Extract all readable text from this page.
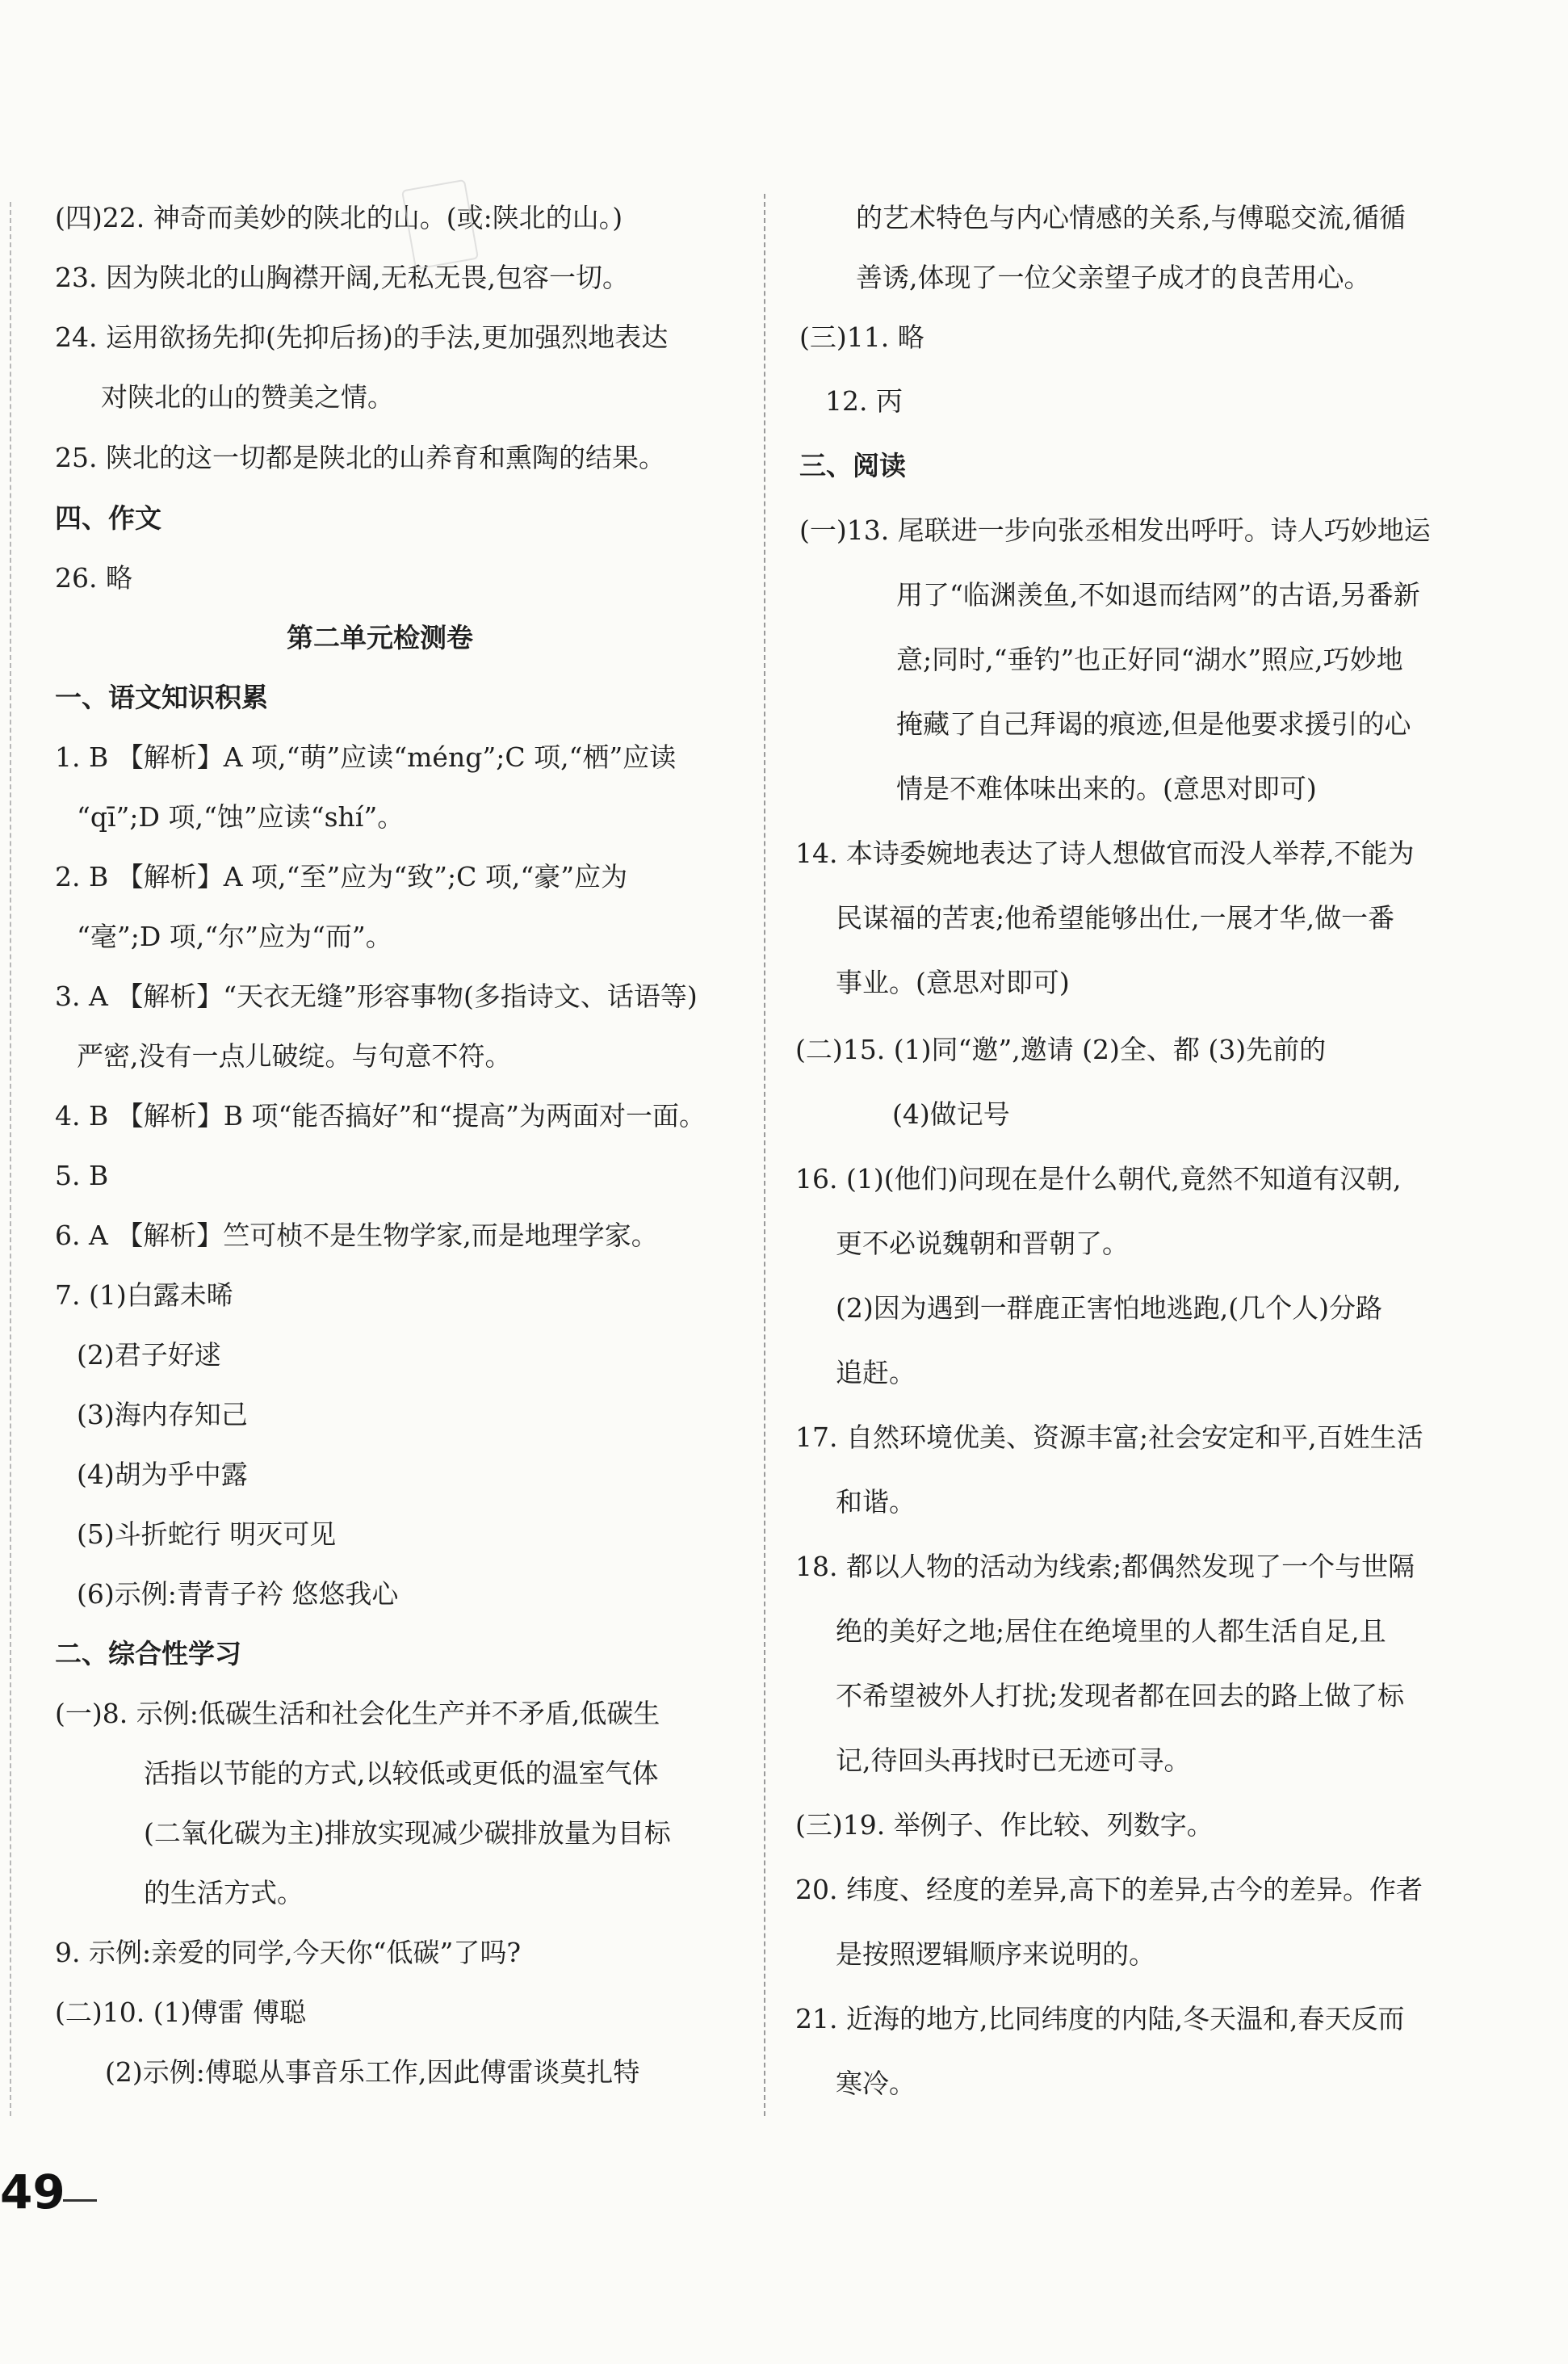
(四)22. 神奇而美妙的陕北的山。(或:陕北的山。)
23. 因为陕北的山胸襟开阔,无私无畏,包容一切。
24. 运用欲扬先抑(先抑后扬)的手法,更加强烈地表达
对陕北的山的赞美之情。
25. 陕北的这一切都是陕北的山养育和熏陶的结果。
四、作文
26. 略
第二单元检测卷
一、语文知识积累
1. B 【解析】A 项,“萌”应读“méng”;C 项,“栖”应读
“qī”;D 项,“蚀”应读“shí”。
2. B 【解析】A 项,“至”应为“致”;C 项,“豪”应为
“毫”;D 项,“尔”应为“而”。
3. A 【解析】“天衣无缝”形容事物(多指诗文、话语等)
严密,没有一点儿破绽。与句意不符。
4. B 【解析】B 项“能否搞好”和“提高”为两面对一面。
5. B
6. A 【解析】竺可桢不是生物学家,而是地理学家。
7. (1)白露未晞
(2)君子好逑
(3)海内存知己
(4)胡为乎中露
(5)斗折蛇行 明灭可见
(6)示例:青青子衿 悠悠我心
二、综合性学习
(一)8. 示例:低碳生活和社会化生产并不矛盾,低碳生
活指以节能的方式,以较低或更低的温室气体
(二氧化碳为主)排放实现减少碳排放量为目标
的生活方式。
9. 示例:亲爱的同学,今天你“低碳”了吗?
(二)10. (1)傅雷 傅聪
(2)示例:傅聪从事音乐工作,因此傅雷谈莫扎特
的艺术特色与内心情感的关系,与傅聪交流,循循
善诱,体现了一位父亲望子成才的良苦用心。
(三)11. 略
12. 丙
三、阅读
(一)13. 尾联进一步向张丞相发出呼吁。诗人巧妙地运
用了“临渊羡鱼,不如退而结网”的古语,另番新
意;同时,“垂钓”也正好同“湖水”照应,巧妙地
掩藏了自己拜谒的痕迹,但是他要求援引的心
情是不难体味出来的。(意思对即可)
14. 本诗委婉地表达了诗人想做官而没人举荐,不能为
民谋福的苦衷;他希望能够出仕,一展才华,做一番
事业。(意思对即可)
(二)15. (1)同“邀”,邀请 (2)全、都 (3)先前的
(4)做记号
16. (1)(他们)问现在是什么朝代,竟然不知道有汉朝,
更不必说魏朝和晋朝了。
(2)因为遇到一群鹿正害怕地逃跑,(几个人)分路
追赶。
17. 自然环境优美、资源丰富;社会安定和平,百姓生活
和谐。
18. 都以人物的活动为线索;都偶然发现了一个与世隔
绝的美好之地;居住在绝境里的人都生活自足,且
不希望被外人打扰;发现者都在回去的路上做了标
记,待回头再找时已无迹可寻。
(三)19. 举例子、作比较、列数字。
20. 纬度、经度的差异,高下的差异,古今的差异。作者
是按照逻辑顺序来说明的。
21. 近海的地方,比同纬度的内陆,冬天温和,春天反而
寒冷。
49
